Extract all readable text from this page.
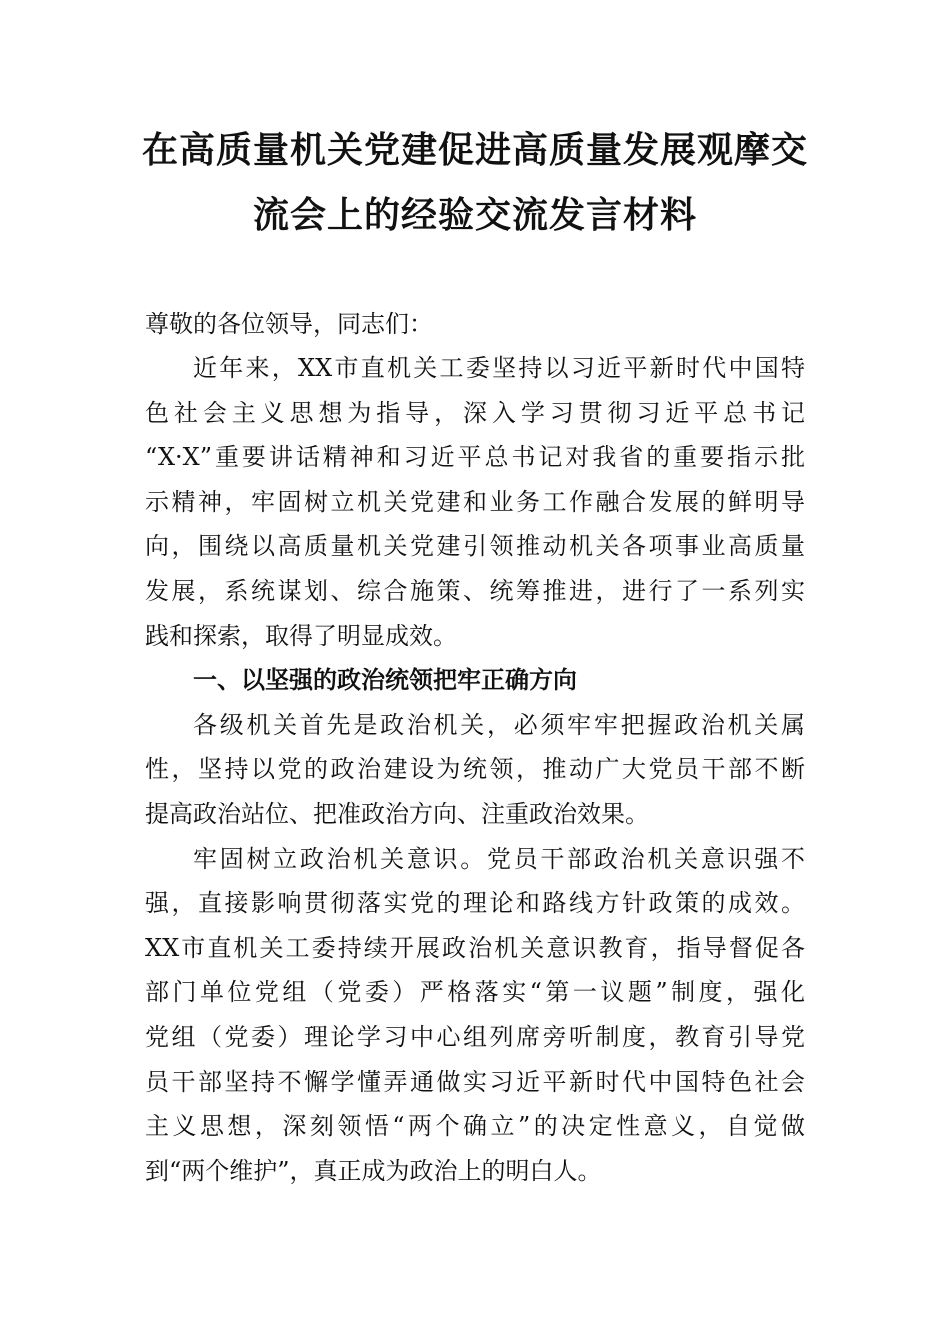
在高质量机关党建促进高质量发展观摩交
流会上的经验交流发言材料
尊敬的各位领导，同志们：
近年来，XX市直机关工委坚持以习近平新时代中国特
色社会主义思想为指导，深入学习贯彻习近平总书记
“X·X”重要讲话精神和习近平总书记对我省的重要指示批
示精神，牢固树立机关党建和业务工作融合发展的鲜明导
向，围绕以高质量机关党建引领推动机关各项事业高质量
发展，系统谋划、综合施策、统筹推进，进行了一系列实
践和探索，取得了明显成效。
一、以坚强的政治统领把牢正确方向
各级机关首先是政治机关，必须牢牢把握政治机关属
性，坚持以党的政治建设为统领，推动广大党员干部不断
提高政治站位、把准政治方向、注重政治效果。
牢固树立政治机关意识。党员干部政治机关意识强不
强，直接影响贯彻落实党的理论和路线方针政策的成效。
XX市直机关工委持续开展政治机关意识教育，指导督促各
部门单位党组（党委）严格落实“第一议题”制度，强化
党组（党委）理论学习中心组列席旁听制度，教育引导党
员干部坚持不懈学懂弄通做实习近平新时代中国特色社会
主义思想，深刻领悟“两个确立”的决定性意义，自觉做
到“两个维护”，真正成为政治上的明白人。
